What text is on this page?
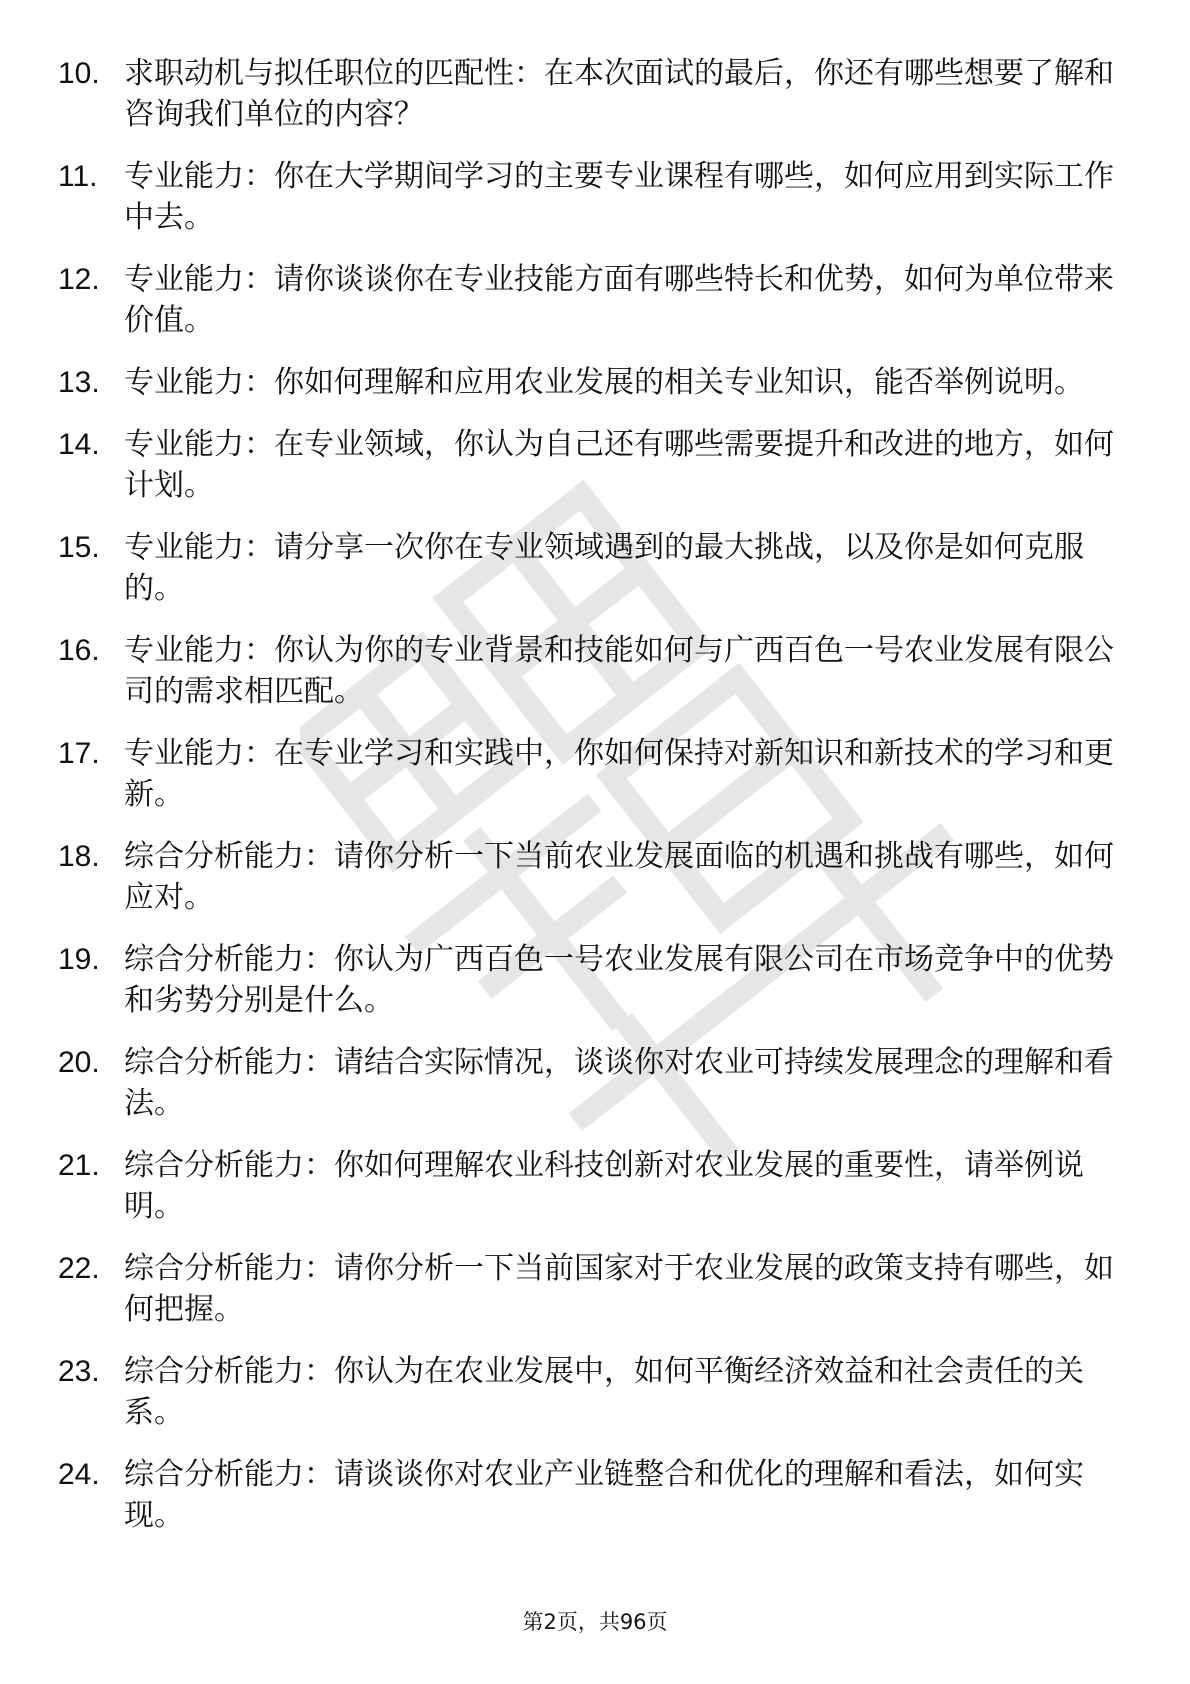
10. 求职动机与拟任职位的匹配性：在本次面试的最后，你还有哪些想要了解和咨询我们单位的内容？
11. 专业能力：你在大学期间学习的主要专业课程有哪些，如何应用到实际工作中去。
12. 专业能力：请你谈谈你在专业技能方面有哪些特长和优势，如何为单位带来价值。
13. 专业能力：你如何理解和应用农业发展的相关专业知识，能否举例说明。
14. 专业能力：在专业领域，你认为自己还有哪些需要提升和改进的地方，如何计划。
15. 专业能力：请分享一次你在专业领域遇到的最大挑战，以及你是如何克服的。
16. 专业能力：你认为你的专业背景和技能如何与广西百色一号农业发展有限公司的需求相匹配。
17. 专业能力：在专业学习和实践中，你如何保持对新知识和新技术的学习和更新。
18. 综合分析能力：请你分析一下当前农业发展面临的机遇和挑战有哪些，如何应对。
19. 综合分析能力：你认为广西百色一号农业发展有限公司在市场竞争中的优势和劣势分别是什么。
20. 综合分析能力：请结合实际情况，谈谈你对农业可持续发展理念的理解和看法。
21. 综合分析能力：你如何理解农业科技创新对农业发展的重要性，请举例说明。
22. 综合分析能力：请你分析一下当前国家对于农业发展的政策支持有哪些，如何把握。
23. 综合分析能力：你认为在农业发展中，如何平衡经济效益和社会责任的关系。
24. 综合分析能力：请谈谈你对农业产业链整合和优化的理解和看法，如何实现。
第2页，共96页
